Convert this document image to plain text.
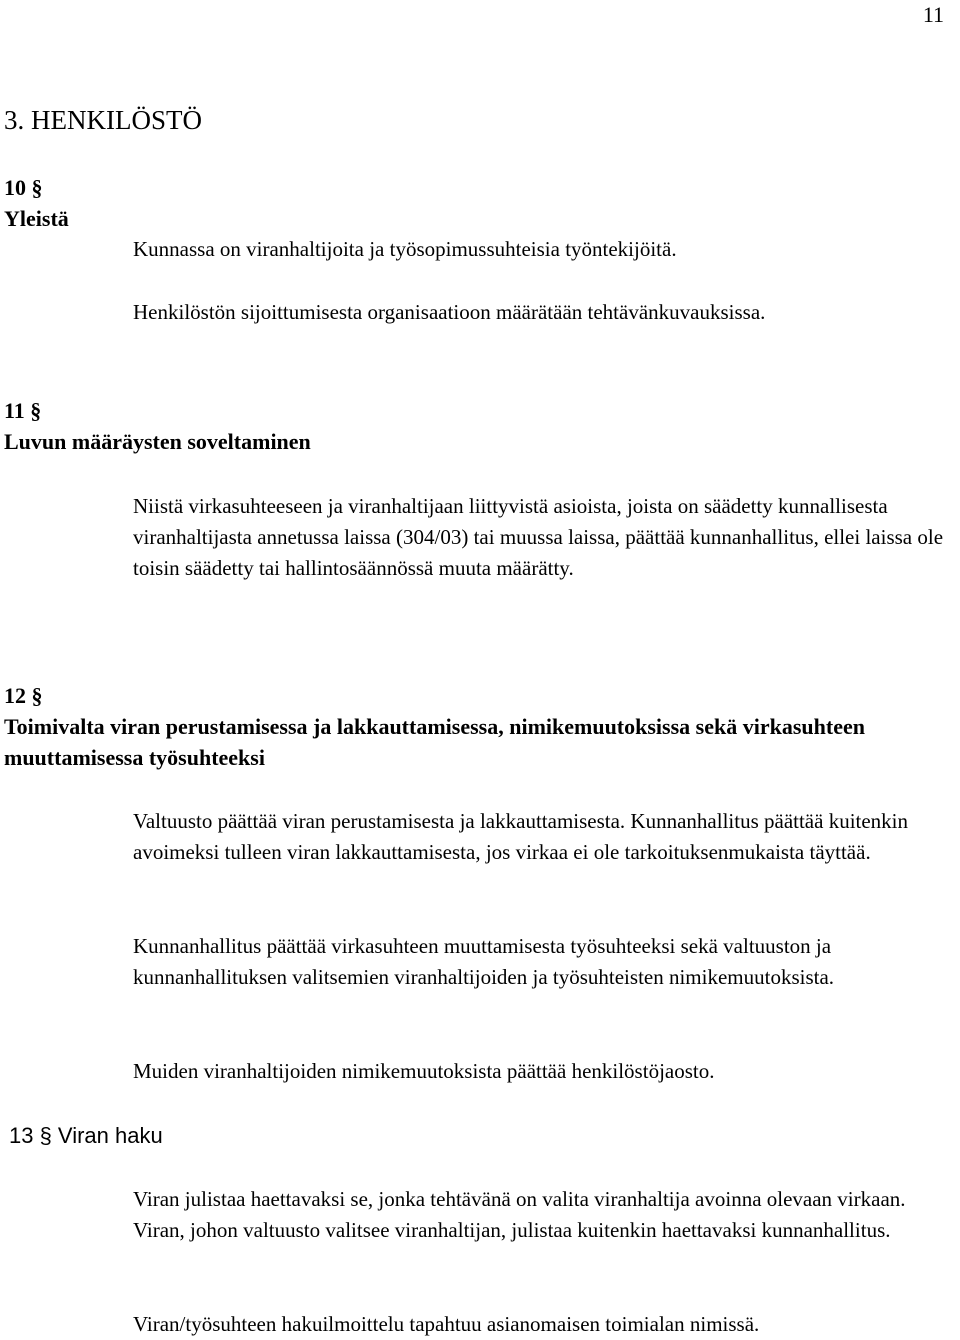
11
3. HENKILÖSTÖ
10 §
Yleistä

Kunnassa on viranhaltijoita ja työsopimussuhteisia työntekijöitä.

Henkilöstön sijoittumisesta organisaatioon määrätään tehtävänkuvauksissa.

11 §
Luvun määräysten soveltaminen

Niistä virkasuhteeseen ja viranhaltijaan liittyvistä asioista, joista on säädetty kunnallisesta viranhaltijasta annetussa laissa (304/03) tai muussa laissa, päättää kunnanhallitus, ellei laissa ole toisin säädetty tai hallintosäännössä muuta määrätty.

12 §
Toimivalta viran perustamisessa ja lakkauttamisessa, nimikemuutoksissa sekä virkasuhteen muuttamisessa työsuhteeksi

Valtuusto päättää viran perustamisesta ja lakkauttamisesta. Kunnanhallitus päättää kuitenkin avoimeksi tulleen viran lakkauttamisesta, jos virkaa ei ole tarkoituksenmukaista täyttää.

Kunnanhallitus päättää virkasuhteen muuttamisesta työsuhteeksi sekä valtuuston ja kunnanhallituksen valitsemien viranhaltijoiden ja työsuhteisten nimikemuutoksista.

Muiden viranhaltijoiden nimikemuutoksista päättää henkilöstöjaosto.

13 § Viran haku

Viran julistaa haettavaksi se, jonka tehtävänä on valita viranhaltija avoinna olevaan virkaan. Viran, johon valtuusto valitsee viranhaltijan, julistaa kuitenkin haettavaksi kunnanhallitus.

Viran/työsuhteen hakuilmoittelu tapahtuu asianomaisen toimialan nimissä.
